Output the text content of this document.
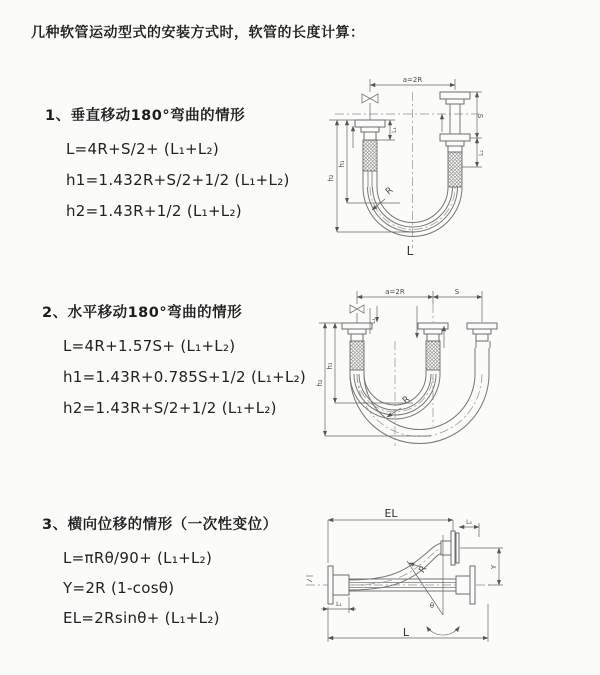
几种软管运动型式的安装方式时，软管的长度计算：
1、垂直移动180°弯曲的情形
L=4R+S/2+ (L₁+L₂)
h1=1.432R+S/2+1/2 (L₁+L₂)
h2=1.43R+1/2 (L₁+L₂)
2、水平移动180°弯曲的情形
L=4R+1.57S+ (L₁+L₂)
h1=1.43R+0.785S+1/2 (L₁+L₂)
h2=1.43R+S/2+1/2 (L₁+L₂)
3、横向位移的情形（一次性变位）
L=πRθ/90+ (L₁+L₂)
Y=2R (1-cosθ)
EL=2Rsinθ+ (L₁+L₂)
a=2R
h₂
h₁
L₁
S
L₂
R
L
a=2R	S
h₂
h₁
L₁
R
EL
L₂
Y
R
θ
L₁
L
